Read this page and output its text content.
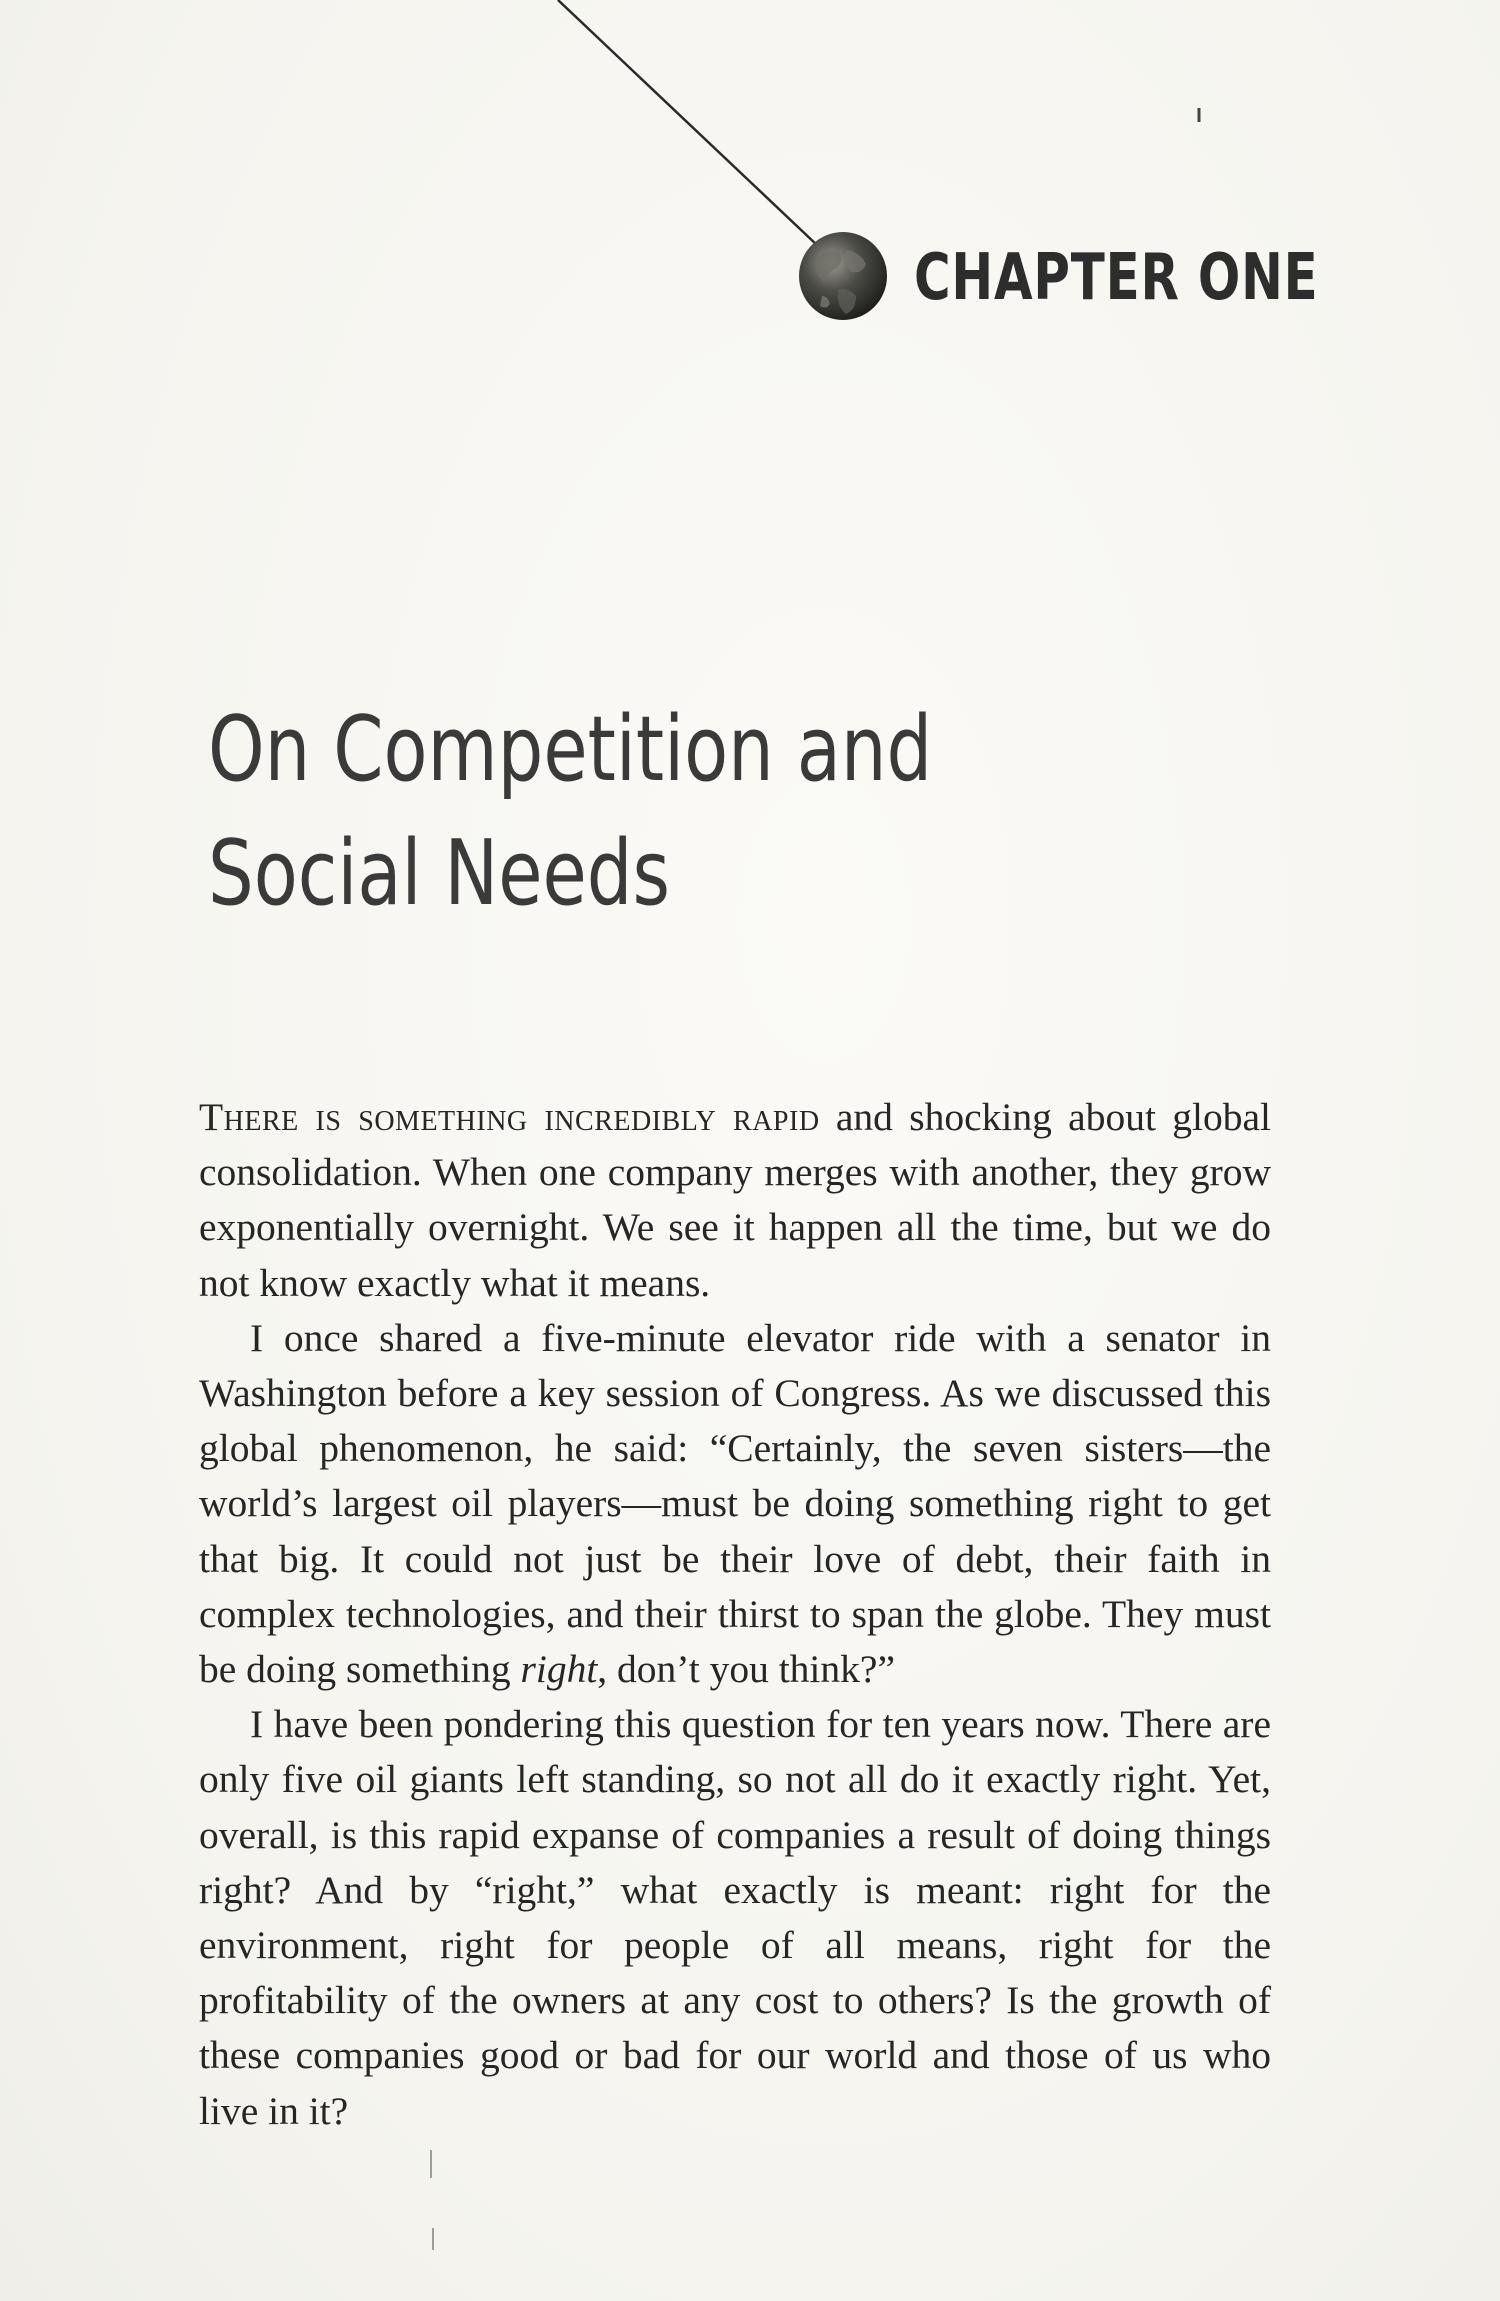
CHAPTER ONE
On Competition and
Social Needs

There is something incredibly rapid and shocking about global consolidation. When one company merges with another, they grow exponentially overnight. We see it happen all the time, but we do not know exactly what it means.

I once shared a five-minute elevator ride with a senator in Washington before a key session of Congress. As we discussed this global phenomenon, he said: “Certainly, the seven sisters—the world’s largest oil players—must be doing something right to get that big. It could not just be their love of debt, their faith in complex technologies, and their thirst to span the globe. They must be doing something right, don’t you think?”

I have been pondering this question for ten years now. There are only five oil giants left standing, so not all do it exactly right. Yet, overall, is this rapid expanse of companies a result of doing things right? And by “right,” what exactly is meant: right for the environment, right for people of all means, right for the profitability of the owners at any cost to others? Is the growth of these companies good or bad for our world and those of us who live in it?
